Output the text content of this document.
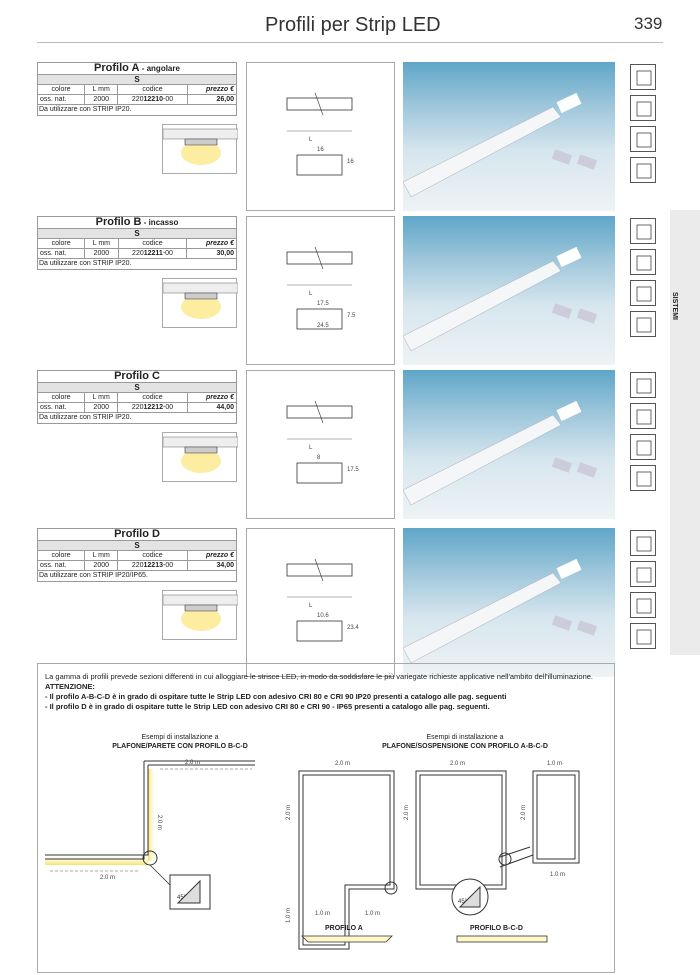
Profili per Strip LED	339
SISTEMI
Profilo A - angolare
S
colore	L mm	codice	prezzo €
oss. nat.	2000	22012210-00	26,00
Da utilizzare con STRIP IP20.
L
16
16
Profilo B - incasso
S
colore	L mm	codice	prezzo €
oss. nat.	2000	22012211-00	30,00
Da utilizzare con STRIP IP20.
L
17.5
7.5
24.5
Profilo C
S
colore	L mm	codice	prezzo €
oss. nat.	2000	22012212-00	44,00
Da utilizzare con STRIP IP20.
L
8
17.5
Profilo D
S
colore	L mm	codice	prezzo €
oss. nat.	2000	22012213-00	34,00
Da utilizzare con STRIP IP20/IP65.
L
10.6
23.4
La gamma di profili prevede sezioni differenti in cui alloggiare le strisce LED, in modo da soddisfare le più variegate richieste applicative nell'ambito dell'illuminazione.
ATTENZIONE:
- Il profilo A-B-C-D è in grado di ospitare tutte le Strip LED con adesivo CRI 80 e CRI 90 IP20 presenti a catalogo alle pag. seguenti
- Il profilo D è in grado di ospitare tutte le Strip LED con adesivo CRI 80 e CRI 90 - IP65 presenti a catalogo alle pag. seguenti.
Esempi di installazione a
PLAFONE/PARETE CON PROFILO B-C-D
Esempi di installazione a
PLAFONE/SOSPENSIONE CON PROFILO A-B-C-D
2.0 m
2.0 m
2.0 m
45°
2.0 m	2.0 m	1.0 m
2.0 m	2.0 m	2.0 m
1.0 m	1.0 m	1.0 m
1.0 m
45°
PROFILO A	PROFILO B-C-D
